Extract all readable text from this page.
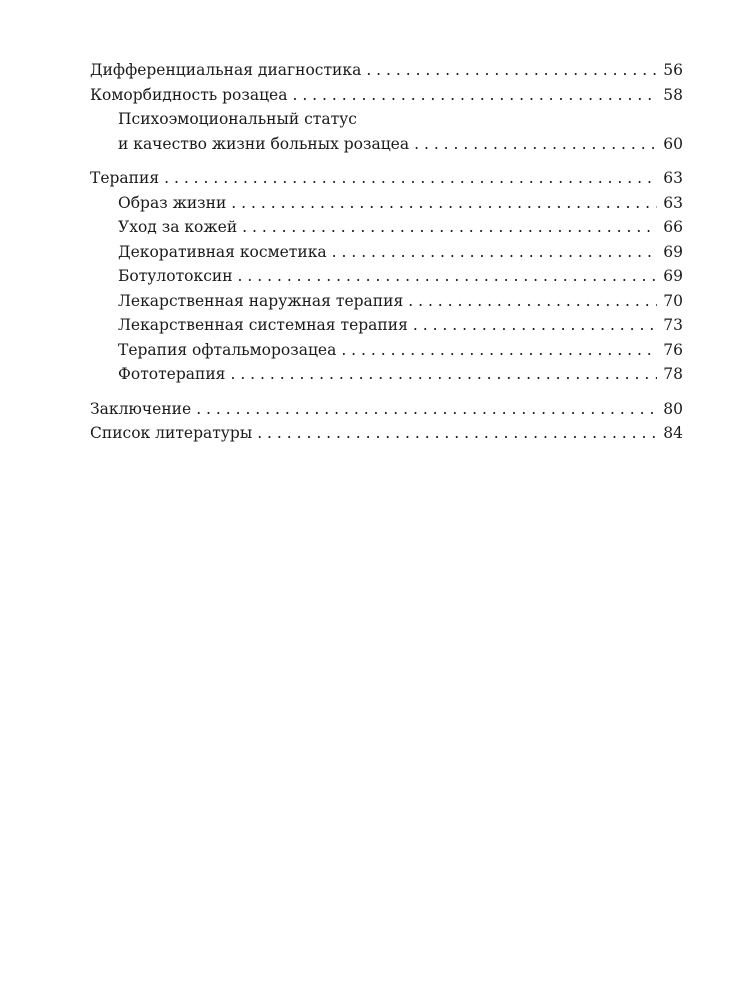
Дифференциальная диагностика . . .	56
Коморбидность розацеа . . .	58
Психоэмоциональный статус
и качество жизни больных розацеа . . .	60
Терапия . . .	63
Образ жизни . . .	63
Уход за кожей . . .	66
Декоративная косметика . . .	69
Ботулотоксин . . .	69
Лекарственная наружная терапия . . .	70
Лекарственная системная терапия . . .	73
Терапия офтальморозацеа . . .	76
Фототерапия . . .	78
Заключение . . .	80
Список литературы . . .	84
